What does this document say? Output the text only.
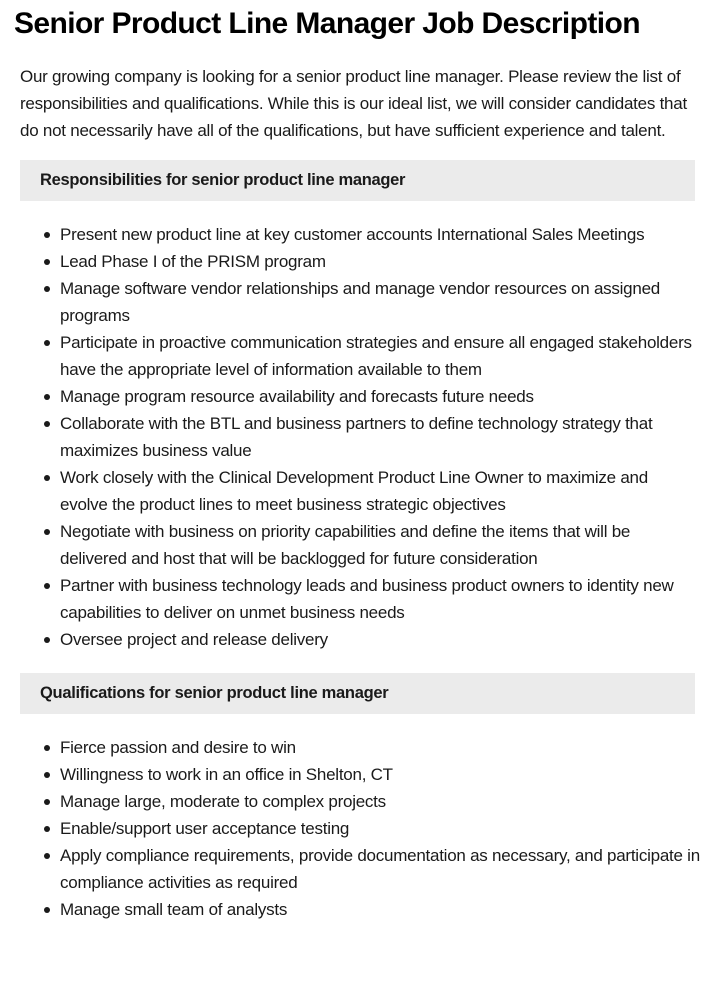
Senior Product Line Manager Job Description

Our growing company is looking for a senior product line manager. Please review the list of responsibilities and qualifications. While this is our ideal list, we will consider candidates that do not necessarily have all of the qualifications, but have sufficient experience and talent.

Responsibilities for senior product line manager
Present new product line at key customer accounts International Sales Meetings
Lead Phase I of the PRISM program
Manage software vendor relationships and manage vendor resources on assigned programs
Participate in proactive communication strategies and ensure all engaged stakeholders have the appropriate level of information available to them
Manage program resource availability and forecasts future needs
Collaborate with the BTL and business partners to define technology strategy that maximizes business value
Work closely with the Clinical Development Product Line Owner to maximize and evolve the product lines to meet business strategic objectives
Negotiate with business on priority capabilities and define the items that will be delivered and host that will be backlogged for future consideration
Partner with business technology leads and business product owners to identity new capabilities to deliver on unmet business needs
Oversee project and release delivery
Qualifications for senior product line manager
Fierce passion and desire to win
Willingness to work in an office in Shelton, CT
Manage large, moderate to complex projects
Enable/support user acceptance testing
Apply compliance requirements, provide documentation as necessary, and participate in compliance activities as required
Manage small team of analysts
